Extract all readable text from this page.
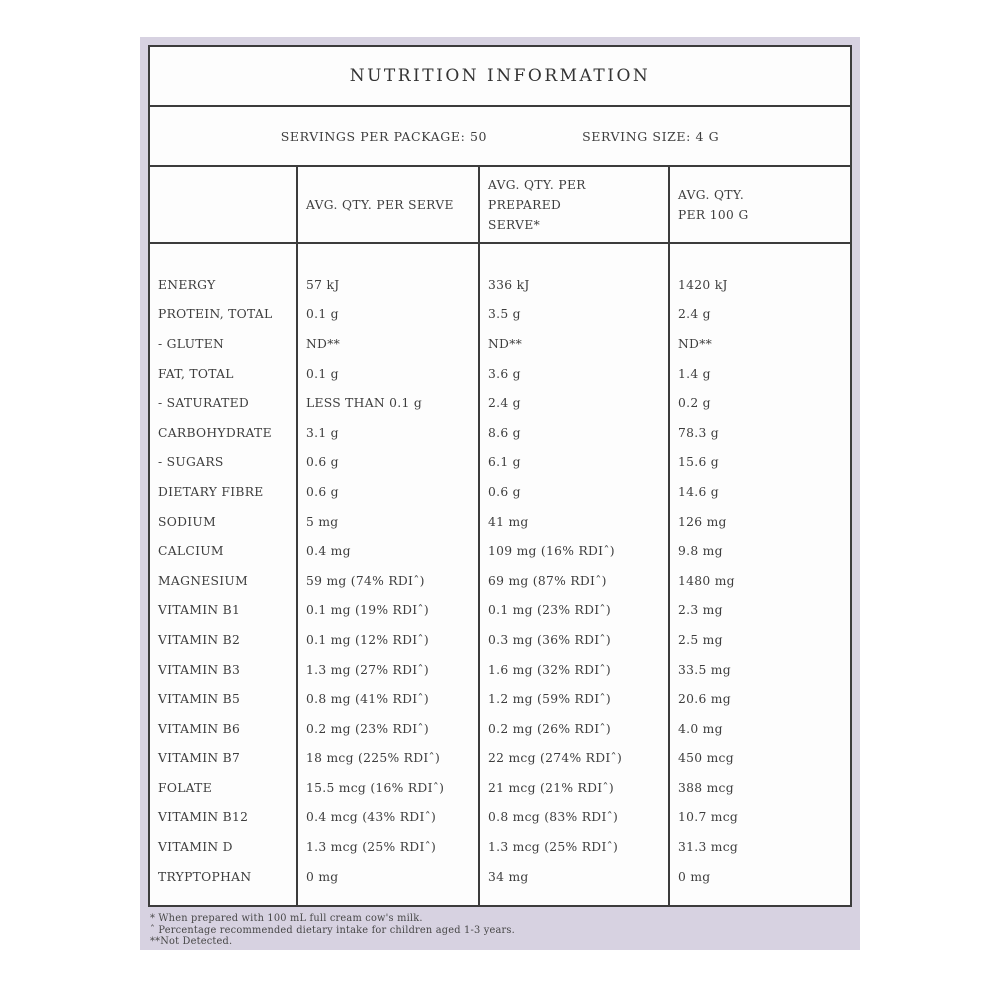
NUTRITION INFORMATION
SERVINGS PER PACKAGE: 50	SERVING SIZE: 4 G
AVG. QTY. PER SERVE
AVG. QTY. PER PREPARED
SERVE*
AVG. QTY.
PER 100 G
ENERGY
PROTEIN, TOTAL
- GLUTEN
FAT, TOTAL
- SATURATED
CARBOHYDRATE
- SUGARS
DIETARY FIBRE
SODIUM
CALCIUM
MAGNESIUM
VITAMIN B1
VITAMIN B2
VITAMIN B3
VITAMIN B5
VITAMIN B6
VITAMIN B7
FOLATE
VITAMIN B12
VITAMIN D
TRYPTOPHAN
57 kJ
0.1 g
ND**
0.1 g
LESS THAN 0.1 g
3.1 g
0.6 g
0.6 g
5 mg
0.4 mg
59 mg (74% RDIˆ)
0.1 mg (19% RDIˆ)
0.1 mg (12% RDIˆ)
1.3 mg (27% RDIˆ)
0.8 mg (41% RDIˆ)
0.2 mg (23% RDIˆ)
18 mcg (225% RDIˆ)
15.5 mcg (16% RDIˆ)
0.4 mcg (43% RDIˆ)
1.3 mcg (25% RDIˆ)
0 mg
336 kJ
3.5 g
ND**
3.6 g
2.4 g
8.6 g
6.1 g
0.6 g
41 mg
109 mg (16% RDIˆ)
69 mg (87% RDIˆ)
0.1 mg (23% RDIˆ)
0.3 mg (36% RDIˆ)
1.6 mg (32% RDIˆ)
1.2 mg (59% RDIˆ)
0.2 mg (26% RDIˆ)
22 mcg (274% RDIˆ)
21 mcg (21% RDIˆ)
0.8 mcg (83% RDIˆ)
1.3 mcg (25% RDIˆ)
34 mg
1420 kJ
2.4 g
ND**
1.4 g
0.2 g
78.3 g
15.6 g
14.6 g
126 mg
9.8 mg
1480 mg
2.3 mg
2.5 mg
33.5 mg
20.6 mg
4.0 mg
450 mcg
388 mcg
10.7 mcg
31.3 mcg
0 mg
* When prepared with 100 mL full cream cow's milk.
ˆ Percentage recommended dietary intake for children aged 1-3 years.
**Not Detected.
